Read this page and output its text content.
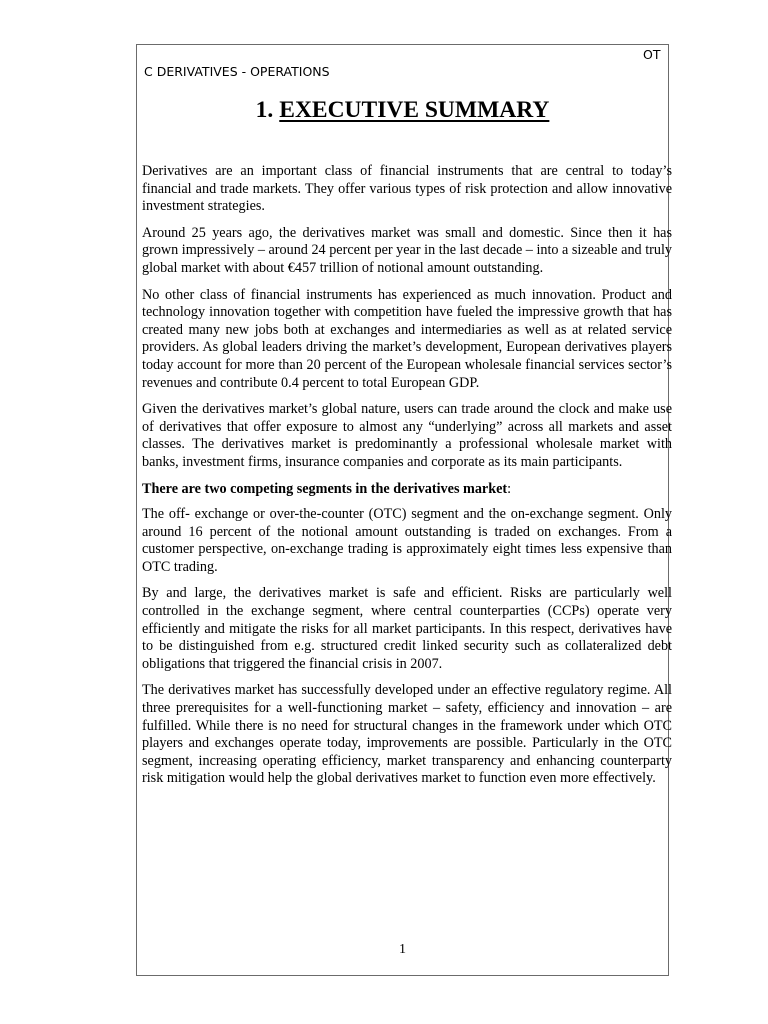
OT
C DERIVATIVES - OPERATIONS
1. EXECUTIVE SUMMARY

Derivatives are an important class of financial instruments that are central to today’s financial and trade markets. They offer various types of risk protection and allow innovative investment strategies.

Around 25 years ago, the derivatives market was small and domestic. Since then it has grown impressively – around 24 percent per year in the last decade – into a sizeable and truly global market with about €457 trillion of notional amount outstanding.

No other class of financial instruments has experienced as much innovation. Product and technology innovation together with competition have fueled the impressive growth that has created many new jobs both at exchanges and intermediaries as well as at related service providers. As global leaders driving the market’s development, European derivatives players today account for more than 20 percent of the European wholesale financial services sector’s revenues and contribute 0.4 percent to total European GDP.

Given the derivatives market’s global nature, users can trade around the clock and make use of derivatives that offer exposure to almost any “underlying” across all markets and asset classes. The derivatives market is predominantly a professional wholesale market with banks, investment firms, insurance companies and corporate as its main participants.

There are two competing segments in the derivatives market:

The off- exchange or over-the-counter (OTC) segment and the on-exchange segment. Only around 16 percent of the notional amount outstanding is traded on exchanges. From a customer perspective, on-exchange trading is approximately eight times less expensive than OTC trading.

By and large, the derivatives market is safe and efficient. Risks are particularly well controlled in the exchange segment, where central counterparties (CCPs) operate very efficiently and mitigate the risks for all market participants. In this respect, derivatives have to be distinguished from e.g. structured credit linked security such as collateralized debt obligations that triggered the financial crisis in 2007.

The derivatives market has successfully developed under an effective regulatory regime. All three prerequisites for a well-functioning market – safety, efficiency and innovation – are fulfilled. While there is no need for structural changes in the framework under which OTC players and exchanges operate today, improvements are possible. Particularly in the OTC segment, increasing operating efficiency, market transparency and enhancing counterparty risk mitigation would help the global derivatives market to function even more effectively.

1
